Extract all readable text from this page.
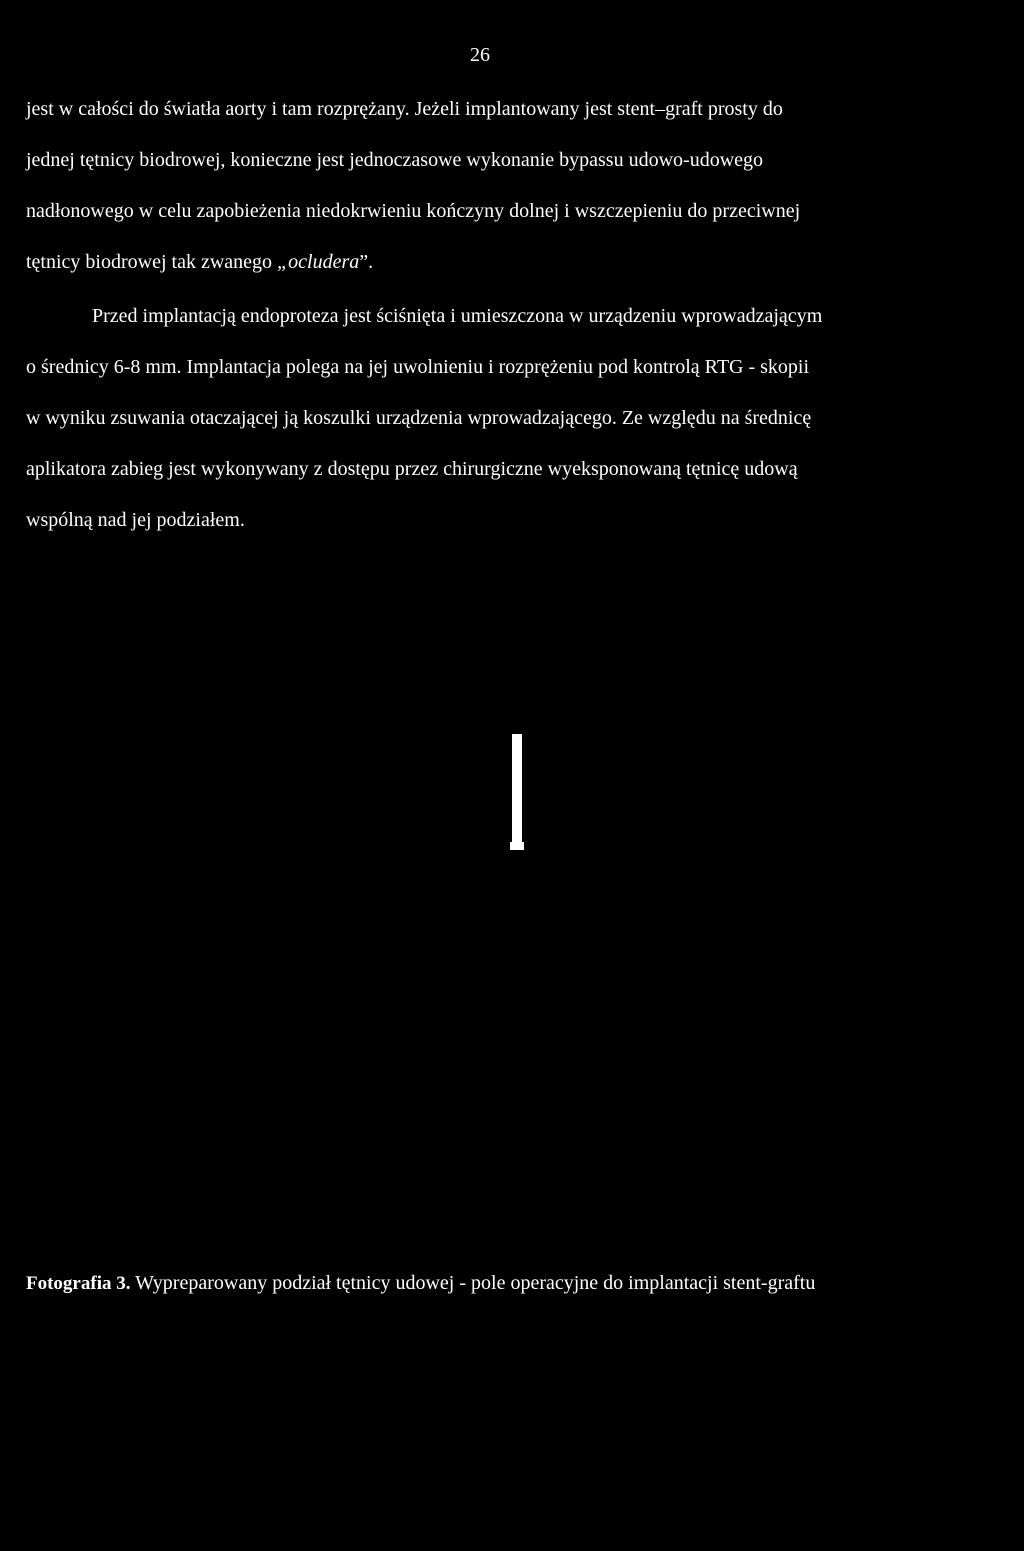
26
jest w całości do światła aorty i tam rozprężany. Jeżeli implantowany jest stent–graft prosty do
jednej tętnicy biodrowej, konieczne jest jednoczasowe wykonanie bypassu udowo-udowego
nadłonowego w celu zapobieżenia niedokrwieniu kończyny dolnej i wszczepieniu do przeciwnej
tętnicy biodrowej tak zwanego „ocludera”.
Przed implantacją endoproteza jest ściśnięta i umieszczona w urządzeniu wprowadzającym
o średnicy 6-8 mm. Implantacja polega na jej uwolnieniu i rozprężeniu pod kontrolą RTG - skopii
w wyniku zsuwania otaczającej ją koszulki urządzenia wprowadzającego. Ze względu na średnicę
aplikatora zabieg jest wykonywany z dostępu przez chirurgiczne wyeksponowaną tętnicę udową
wspólną nad jej podziałem.
Fotografia 3. Wypreparowany podział tętnicy udowej - pole operacyjne do implantacji stent-graftu
